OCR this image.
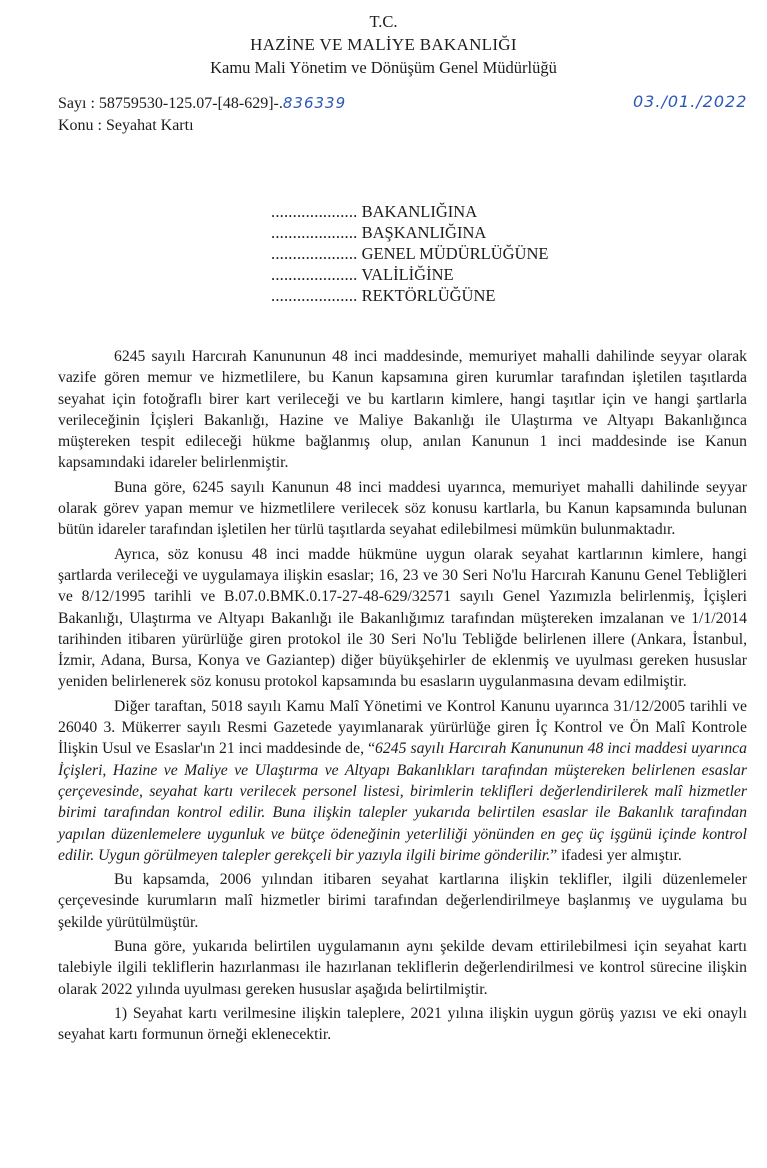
T.C.
HAZİNE VE MALİYE BAKANLIĞI
Kamu Mali Yönetim ve Dönüşüm Genel Müdürlüğü
Sayı : 58759530-125.07-[48-629]-.836339	03./01./2022
Konu : Seyahat Kartı
.................... BAKANLIĞINA
.................... BAŞKANLIĞINA
.................... GENEL MÜDÜRLÜĞÜNE
.................... VALİLİĞİNE
.................... REKTÖRLÜĞÜNE

6245 sayılı Harcırah Kanununun 48 inci maddesinde, memuriyet mahalli dahilinde seyyar olarak vazife gören memur ve hizmetlilere, bu Kanun kapsamına giren kurumlar tarafından işletilen taşıtlarda seyahat için fotoğraflı birer kart verileceği ve bu kartların kimlere, hangi taşıtlar için ve hangi şartlarla verileceğinin İçişleri Bakanlığı, Hazine ve Maliye Bakanlığı ile Ulaştırma ve Altyapı Bakanlığınca müştereken tespit edileceği hükme bağlanmış olup, anılan Kanunun 1 inci maddesinde ise Kanun kapsamındaki idareler belirlenmiştir.

Buna göre, 6245 sayılı Kanunun 48 inci maddesi uyarınca, memuriyet mahalli dahilinde seyyar olarak görev yapan memur ve hizmetlilere verilecek söz konusu kartlarla, bu Kanun kapsamında bulunan bütün idareler tarafından işletilen her türlü taşıtlarda seyahat edilebilmesi mümkün bulunmaktadır.

Ayrıca, söz konusu 48 inci madde hükmüne uygun olarak seyahat kartlarının kimlere, hangi şartlarda verileceği ve uygulamaya ilişkin esaslar; 16, 23 ve 30 Seri No'lu Harcırah Kanunu Genel Tebliğleri ve 8/12/1995 tarihli ve B.07.0.BMK.0.17-27-48-629/32571 sayılı Genel Yazımızla belirlenmiş, İçişleri Bakanlığı, Ulaştırma ve Altyapı Bakanlığı ile Bakanlığımız tarafından müştereken imzalanan ve 1/1/2014 tarihinden itibaren yürürlüğe giren protokol ile 30 Seri No'lu Tebliğde belirlenen illere (Ankara, İstanbul, İzmir, Adana, Bursa, Konya ve Gaziantep) diğer büyükşehirler de eklenmiş ve uyulması gereken hususlar yeniden belirlenerek söz konusu protokol kapsamında bu esasların uygulanmasına devam edilmiştir.

Diğer taraftan, 5018 sayılı Kamu Malî Yönetimi ve Kontrol Kanunu uyarınca 31/12/2005 tarihli ve 26040 3. Mükerrer sayılı Resmi Gazetede yayımlanarak yürürlüğe giren İç Kontrol ve Ön Malî Kontrole İlişkin Usul ve Esaslar'ın 21 inci maddesinde de, “6245 sayılı Harcırah Kanununun 48 inci maddesi uyarınca İçişleri, Hazine ve Maliye ve Ulaştırma ve Altyapı Bakanlıkları tarafından müştereken belirlenen esaslar çerçevesinde, seyahat kartı verilecek personel listesi, birimlerin teklifleri değerlendirilerek malî hizmetler birimi tarafından kontrol edilir. Buna ilişkin talepler yukarıda belirtilen esaslar ile Bakanlık tarafından yapılan düzenlemelere uygunluk ve bütçe ödeneğinin yeterliliği yönünden en geç üç işgünü içinde kontrol edilir. Uygun görülmeyen talepler gerekçeli bir yazıyla ilgili birime gönderilir.” ifadesi yer almıştır.

Bu kapsamda, 2006 yılından itibaren seyahat kartlarına ilişkin teklifler, ilgili düzenlemeler çerçevesinde kurumların malî hizmetler birimi tarafından değerlendirilmeye başlanmış ve uygulama bu şekilde yürütülmüştür.

Buna göre, yukarıda belirtilen uygulamanın aynı şekilde devam ettirilebilmesi için seyahat kartı talebiyle ilgili tekliflerin hazırlanması ile hazırlanan tekliflerin değerlendirilmesi ve kontrol sürecine ilişkin olarak 2022 yılında uyulması gereken hususlar aşağıda belirtilmiştir.

1) Seyahat kartı verilmesine ilişkin taleplere, 2021 yılına ilişkin uygun görüş yazısı ve eki onaylı seyahat kartı formunun örneği eklenecektir.
